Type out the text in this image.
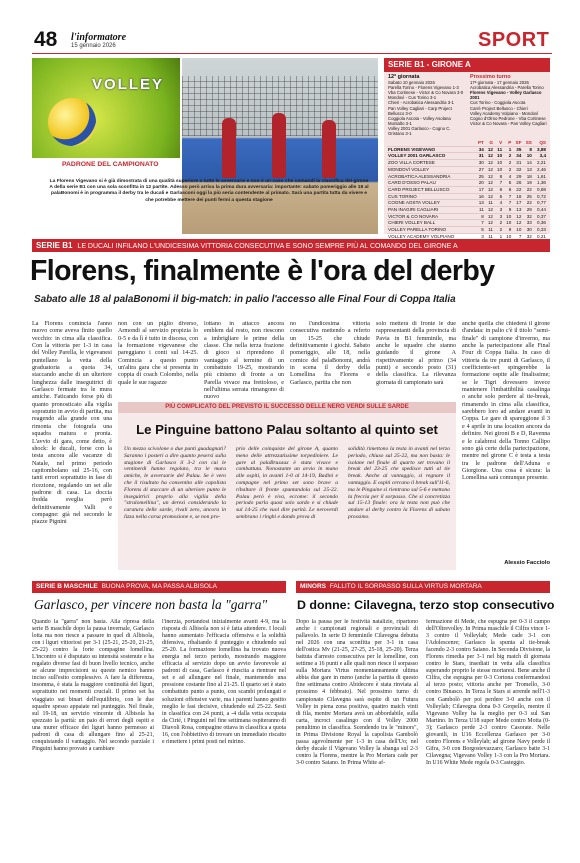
48 l'informatore
15 gennaio 2026	SPORT
VOLLEY
PADRONE DEL CAMPIONATO
La Florens Vigevano si è già dimostrata di una qualità superiore a tutte le avversarie e non è un caso che comandi la classifica del girone A della serie B1 con una sola sconfitta in 12 partite. Adesso però arriva la prima dura avversaria: importante: sabato pomeriggio alle 18 al palaBonomi è in programma il derby tra le ducali e Garlasconi oggi la più seria contendente al primato. Sarà una partita tutta da vivere e che potrebbe mettere dei punti fermi a questa stagione
SERIE B1 - GIRONE A
12ª giornata
Sabato 10 gennaio 2026
Parella Torino - Florens Vigevano 1-3
Vba Cortinese - Victor & Co Novara 3-0
Mondovì - Cus Torino 3-1
Chieri - Acrobatica Alessandria 3-1
Pan Volley Cagliari - Carp Project Bellusco 3-0
Coggiola Ascota - Volley Asolana Montalto 3-1
Volley 2001 Garlasco - Cogno C. Oristano 3-1
Prossimo turno
17ª giornata - 17 gennaio 2026
Acrobatica Alessandria - Parella Torino
Florens Vigevano - Volley Garlasco 2001
Cus Torino - Coggiola Ascota
Carrè Project Bellusco - Chieri
Volley Academy Volpiano - Mondovì
Cogno d'Olmo Pedrone - Vba Cortinese
Victor & Co Novara - Pan Volley Cagliari
	PT	G	V	P	SF	SS	QS
FLORENS VIGEVANO	34	12	11	1	35	8	3,88
VOLLEY 2001 GARLASCO	31	12	10	2	34	10	3,4
ZOO VILLA CORTESE	30	12	10	2	31	14	2,21
MONDOVÌ VOLLEY	27	12	10	2	32	13	2,46
ACROBATICA ALESSANDRIA	25	12	8	4	29	18	1,61
CARD D'OSSO PALAU	20	12	7	5	26	19	1,36
CARD PROJECT BELLUSCO	17	12	6	6	22	22	0,88
CUS TORINO	16	12	5	7	18	25	0,72
COGNE AOSTA VOLLEY	13	11	4	7	17	22	0,77
PAN INAGIRI CAGLIARI	11	12	3	9	13	29	0,44
VICTOR & CO NOVARA	8	12	3	10	12	32	0,37
CHIERI VOLLEY BALL	7	12	2	10	12	33	0,36
VOLLEY PARELLA TORINO	5	11	2	9	10	30	0,33
VOLLEY ACADEMY VOLPIANO	3	11	1	10	7	32	0,21
SERIE B1 LE DUCALI INFILANO L'UNDICESIMA VITTORIA CONSECUTIVA E SONO SEMPRE PIÙ AL COMANDO DEL GIRONE A
Florens, finalmente è l'ora del derby
Sabato alle 18 al palaBonomi il big-match: in palio l'accesso alle Final Four di Coppa Italia
La Florens comincia l'anno nuovo come aveva finito quello vecchio: in cima alla classifica. Con la vittoria per 1-3 in casa del Volley Parella, le vigevanesi puntellano la vetta della graduatoria a quota 34, staccando anche di un ulteriore lunghezza dalle inseguitrici di Garlasco fermate tra le mura amiche. Faticando forse più di quanto pronosticato alla vigilia sopratutto in avvio di partita, ma reagendo alla grande con una rimonta che fotografa una squadra matura e pronta. L'avvio di gara, come detto, è shock: le ducali, forse con la testa ancora alle vacanze di Natale, nel primo periodo capitombolano sul 25-16, con tanti errori soprattutto in fase di ricezione, regalando un set alle padrone di casa. La doccia fredda sveglia però definitivamente Valli e compagne: già nel secondo le piazze Pignini
non con un piglio diverso, Armondi al servizio propizia lo 0-5 e da lì è tutto in discesa, con la formazione vigevanese che pareggiano i conti sul 14-25. Comincia a questo punto un'altra gara che si presenta in coppia di coach Colombo, nella quale le sue ragazze
lottano in attacco ancora emblem dal resto, non riescono a imbrigliare le prime della classe. Che nella terza frazione di gioco si riprendono il vantaggio al termine di un combattuto 19-25, mostrando più cinismo di fronte a un Parella vivace ma frettoloso, e nell'ultima serrata rimangono di nuovo
no l'undicesima vittoria consecutiva mettendo a referto un 15-25 che chiude definitivamente i giochi. Sabato pomeriggio, alle 18, nella cornice del palaBonomi, andrà in scena il derby della Lomellina fra Florens e Garlasco, partita che non
solo metterà di fronte le due rappresentanti della provincia di Pavia in B1 femminile, ma anche le squadre che stanno guidando il girone A rispettivamente al primo (34 punti) e secondo posto (31) della classifica. La rilevanza giornata di campionato sarà
anche quella che chiederà il girone d'andata: in palio c'è il titolo "semi-finale" di campione d'inverno, ma anche la partecipazione alle Final Four di Coppa Italia. In caso di vittoria da tre punti di Garlasco, il coefficiente-set spingerebbe la formazione ospite alle finalissime; se le Tigri dovessero invece mantenere l'imbattibilità casalinga o anche solo perdere al tie-break, rimanendo in cima alla classifica, sarebbero loro ad andare avanti in Coppa. Le gare di spareggione il 3 e 4 aprile in una location ancora da definire. Nei gironi B e D, Ravenna e le calabresi della Tonno Callipo sono già certe della partecipazione, mentre nel girone C è testa a testa tra le padrone dell'Aduna e Giorgione. Una cosa è sicura: la Lomellina sarà comunque presente.
Alessio Facciolo
PIÙ COMPLICATO DEL PREVISTO IL SUCCESSO DELLE NERO VERDI SULLE SARDE
Le Pinguine battono Palau soltanto al quinto set
Un mezzo scivolone o due punti guadagnati? Saranno i posteri a dire quanto pesersi sulla stagione di Garlasco il 3-2 con cui le ventinerdi hanno regolato, tra le mura amiche, le avversarie del Palau. Se è vero che il risultato ha consentito alle capolista Florens di staccare di un ulteriore punto le inseguitrici proprio alla vigilia della "stralomellina", un derexi considerando la caratura delle sarde, rivali zero, ancora in lizza nella corsa promozione e, se non pro-
prio delle coinquiste del girone A, quanto meno delle attrezzatissime torpediniere. Le gare al palaBrusaux è stata vivace e combattuta. Nonostante un avvio in mano alle ospiti, in avanti 1-0 al 14-19, Badini e compagne nel primo set sono brave a ribaltare il fronte spuntandola sul 25-22. Palau però è viva, eccome: il secondo periodo parla quasi solo sardo e si chiude sul 14-25 che vuol dire parità. Le neroverdi sembrano i ringhi e dando prova di
solidità rimettono la testa in avanti nel terzo periodo, chiuso sul 25-22, ma non basta: le isolane nel finale di quarto set trovano il break del 23-25 che spedisce tutti al tie break. Anche al vantaggio, si regnare il vantaggio. E ospiti cercano il break sull'11-6, ma le Pinguine si rientrano sul 5-6 e mettono la freccia per il sorpasso. Che si concretizza sul 15-13 finale: ora la testa non può che andare al derby contro la Florens di sabato prossimo.
SERIE B MASCHILE BUONA PROVA, MA PASSA ALBISOLA
Garlasco, per vincere non basta la "garra"
Quando la "garra" non basta. Alla ripresa della serie B maschile dopo la pausa invernale, Garlasco lotta ma non riesce a passare in quel di Albisola, con i liguri vittoriosi per 3-1 (25-21, 25-20, 21-25, 25-22) contro la forte compagine lomellina. L'incontro si è disputato su intensità sostenute e ha regalato diverse fasi di buon livello tecnico, anche se alcune imprecisioni su queste nemico hanno inciso sull'esito complessivo. A fare la differenza, insomma, è stata la maggiore continuità dei liguri, soprattutto nei momenti cruciali. Il primo set ha viaggiato sui binari dell'equilibrio, con le due squadre spesso appaiate nel punteggio. Nel finale, sul 19-18, un servizio vincente di Albisola ha spezzato la parità: un paio di errori degli ospiti e una murer efficace dei liguri hanno permesso ai padroni di casa di allungare fino al 25-21, conquistando il vantaggio. Nel secondo parziale i Pinguini hanno provato a cambiare
l'inerzia, portandosi inizialmente avanti 4-9, ma la risposta di Albisola non si è fatta attendere. I locali hanno aumentato l'efficacia offensiva e la solidità difensiva, ribaltando il punteggio e chiudendo sul 25-20. La formazione lomellina ha trovato nuova energia nel terzo periodo, mostrando maggiore efficacia al servizio dopo un avvio favorevole ai padroni di casa, Garlasco è riuscita a rientrare nel set e ad allungare nel finale, mantenendo una pressione costante fino al 21-25. Il quarto set è stato combattuto punto a punto, con scambi prolungati e soluzioni offensive varie, ma i parenti hanno gestito meglio le fasi decisive, chiudendo sul 25-22. Sesti in classifica con 24 punti, a -4 dalla vetta occupata da Cirié, i Pinguini nel fine settimana ospiteranno di Diavoli Rosa, compagine ottava in classifica a quota 16, con l'obbiettivo di trovare un immediato riscatto e rimettere i primi posti nel mirino.
MINORS FALLITO IL SORPASSO SULLA VIRTUS MORTARA
D donne: Cilavegna, terzo stop consecutivo
Dopo la pausa per le festività natalizie, ripartono anche i campionati regionali e provinciali di pallavolo. In serie D femminile Cilavegna debutta nel 2026 con una sconfitta per 3-1 in casa dell'ostica Mv (21-25, 27-25, 25-18, 25-20). Terza battuta d'arresto consecutiva per le lomelline, con settime a 16 punti e alle quali non riesce il sorpasso sulla Mortara Virtus momentaneamente ultima abbia due gare in meno (anche la partita di questo fine settimana contro Abidecore è stata rinviata al prossimo 4 febbraio). Nel prossimo turno di campionato Cilavegna sarà ospite di un Futura Volley in piena zona positiva, quattro match vinti di fila, mentre Mortara avrà un abbordabile, sulla carta, incroci casalingo con il Volley 2000 penultimo in classifica. Scendendo tra le "minors", in Prima Divisione Royal la capolista Gambolò passa agevolmente per 1-3 in casa dell'Uo; nel derby ducale il Vigevano Volley la sbanga sul 2-3 contro la Florens, mentre la Pro Mortara cade per 3-0 contro Saiano. In Prima White af-
fermazione di Mede, che espugna per 0-3 il campo dell'Oltrevolley. In Prima maschile il Cilfra vince 1-3 contro il Volleylab; Mede cade 3-1 con l'Adolescenre; Garlasco la spunta al tie-break facendo 2-3 contro Saiano. In Seconda Divisione, la Florens rimedia per 3-1 nel big match di giornata contro le Stars, insediati in vetta alla classifica superando proprio le stesse mortaresi. Bene anche il Cilfra, che espugna per 0-3 Cortona confermandosi al terzo posto; vittoria anche per Tromello, 3-0 contro Binasco. In Terza le Stars si arrende nell'1-3 con Gambolò per poi perdere 3-0 anche con il Volleylab; Cilavegna dona 0-3 Gropello, mentre il Vigevano Volley ha la meglio per 0-3 sul San Martino. In Terza U18 super Mede contro Motta (0-3); Garlasco perde 2-3 contro Casorate. Nelle giovanili, in U16 Eccellenza Garlasco per 3-0 contro Florens e Volleylab; ad girone Navy perde il Gifra, 3-0 con Borgostevazzaro; Garlasco batte 3-1 Cilavegna; Vigevano Volley 1-3 con la Pro Mortara. In U16 White Mede regola 0-3 Casteggio.
